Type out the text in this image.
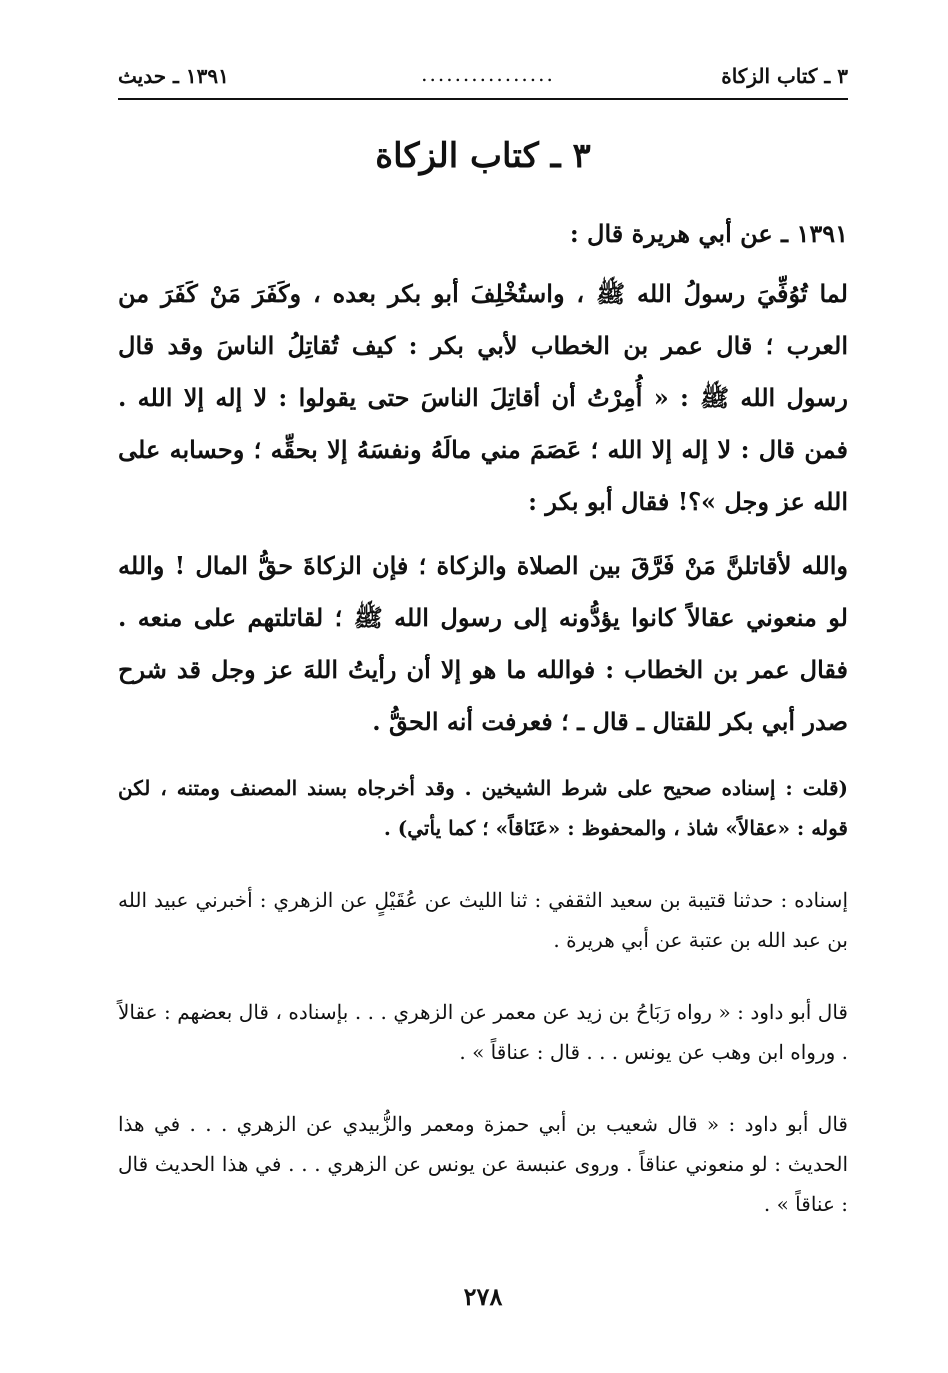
٣ ـ كتاب الزكاة
................
١٣٩١ ـ حديث
٣ ـ كتاب الزكاة
١٣٩١ ـ عن أبي هريرة قال :
لما تُوُفِّيَ رسولُ الله ﷺ ، واستُخْلِفَ أبو بكر بعده ، وكَفَرَ مَنْ كَفَرَ من العرب ؛ قال عمر بن الخطاب لأبي بكر : كيف تُقاتِلُ الناسَ وقد قال رسول الله ﷺ : « أُمِرْتُ أن أقاتِلَ الناسَ حتى يقولوا : لا إله إلا الله . فمن قال : لا إله إلا الله ؛ عَصَمَ مني مالَهُ ونفسَهُ إلا بحقِّه ؛ وحسابه على الله عز وجل »؟! فقال أبو بكر :
والله لأقاتلنَّ مَنْ فَرَّقَ بين الصلاة والزكاة ؛ فإن الزكاةَ حقُّ المال ! والله لو منعوني عقالاً كانوا يؤدُّونه إلى رسول الله ﷺ ؛ لقاتلتهم على منعه . فقال عمر بن الخطاب : فوالله ما هو إلا أن رأيتُ اللهَ عز وجل قد شرح صدر أبي بكر للقتال ـ قال ـ ؛ فعرفت أنه الحقُّ .
(قلت : إسناده صحيح على شرط الشيخين . وقد أخرجاه بسند المصنف ومتنه ، لكن قوله : «عقالاً» شاذ ، والمحفوظ : «عَنَاقاً» ؛ كما يأتي) .
إسناده : حدثنا قتيبة بن سعيد الثقفي : ثنا الليث عن عُقَيْلٍ عن الزهري : أخبرني عبيد الله بن عبد الله بن عتبة عن أبي هريرة .
قال أبو داود : « رواه رَبَاحُ بن زيد عن معمر عن الزهري . . . بإسناده ، قال بعضهم : عقالاً . ورواه ابن وهب عن يونس . . . قال : عناقاً » .
قال أبو داود : « قال شعيب بن أبي حمزة ومعمر والزُّبيدي عن الزهري . . . في هذا الحديث : لو منعوني عناقاً . وروى عنبسة عن يونس عن الزهري . . . في هذا الحديث قال : عناقاً » .
٢٧٨
